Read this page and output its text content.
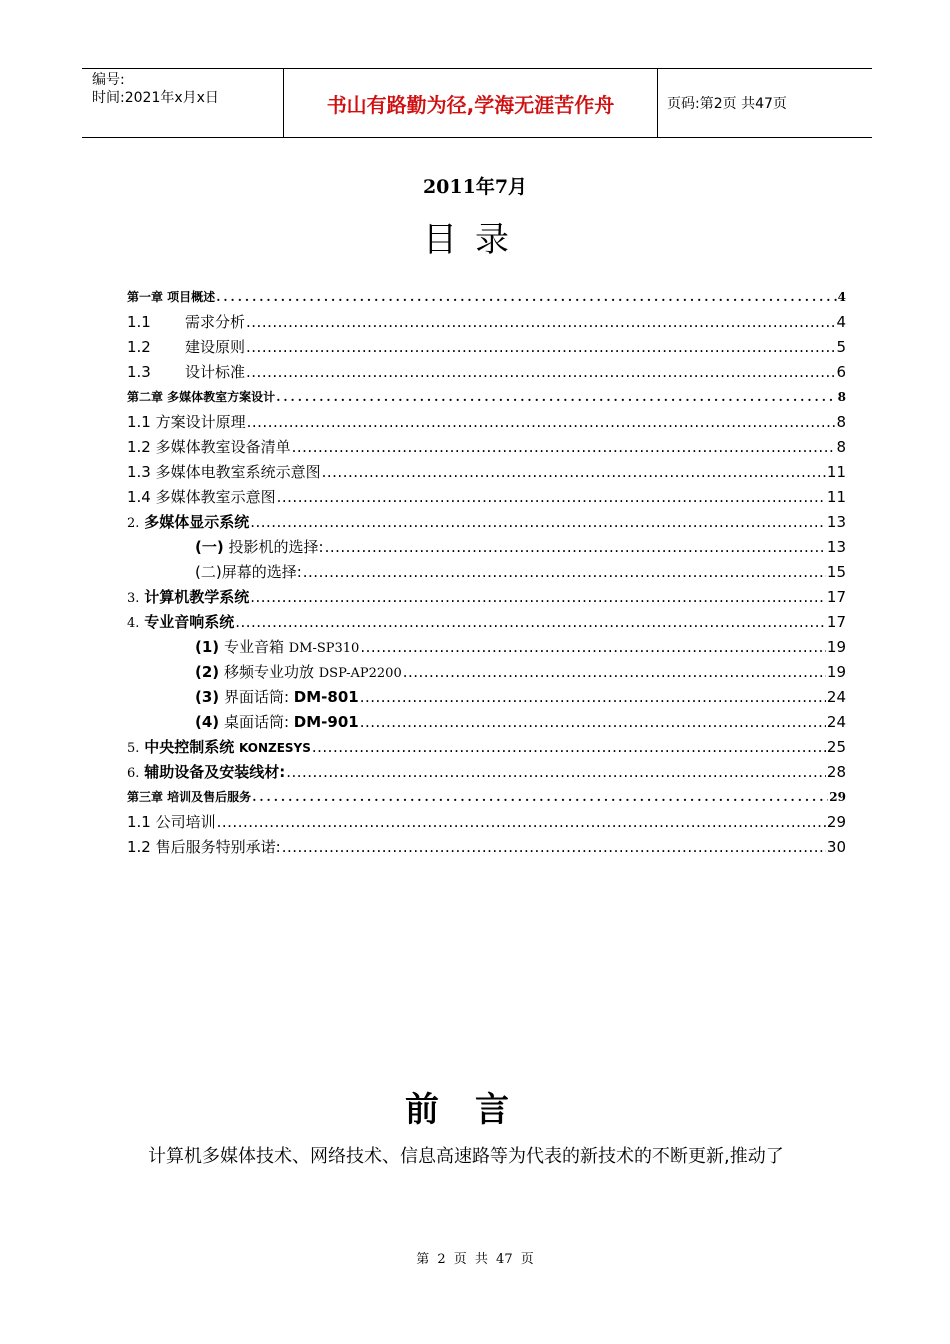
编号:
时间:2021年x月x日	书山有路勤为径,学海无涯苦作舟	页码:第2页 共47页
2011年7月
目录
第一章 项目概述 .....	4
1.1 需求分析 .....	4
1.2 建设原则 .....	5
1.3 设计标准 .....	6
第二章 多媒体教室方案设计 .....	8
1.1 方案设计原理 .....	8
1.2 多媒体教室设备清单 .....	8
1.3 多媒体电教室系统示意图 .....	11
1.4 多媒体教室示意图 .....	11
2. 多媒体显示系统 .....	13
(一) 投影机的选择: .....	13
(二)屏幕的选择: .....	15
3. 计算机教学系统 .....	17
4. 专业音响系统 .....	17
(1) 专业音箱 DM-SP310 .....	19
(2) 移频专业功放 DSP-AP2200 .....	19
(3) 界面话筒: DM-801 .....	24
(4) 桌面话筒: DM-901 .....	24
5. 中央控制系统 KONZESYS .....	25
6. 辅助设备及安装线材: .....	28
第三章 培训及售后服务 .....	29
1.1 公司培训 .....	29
1.2 售后服务特别承诺: .....	30
前言
计算机多媒体技术、网络技术、信息高速路等为代表的新技术的不断更新,推动了
第 2 页 共 47 页
